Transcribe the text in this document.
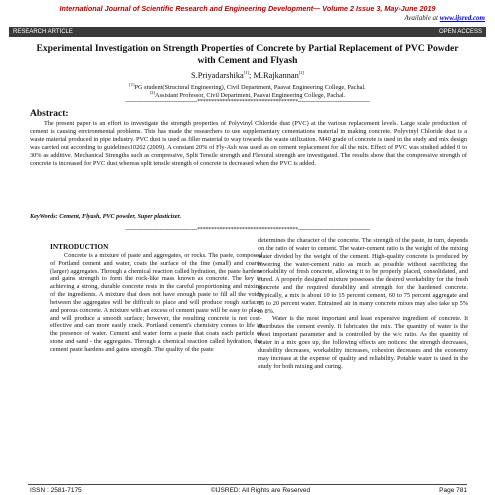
International Journal of Scientific Research and Engineering Development— Volume 2 Issue 3, May-June 2019
Available at www.ijsred.com
RESEARCH ARTICLE	OPEN ACCESS
Experimental Investigation on Strength Properties of Concrete by Partial Replacement of PVC Powder with Cement and Flyash
S.Priyadarshika[1]; M.Rajkannan[2]
[1]PG student(Structural Engineering), Civil Department, Paavai Engineering College, Pachal.
[2]Assistant Professor, Civil Department, Paavai Engineering College, Pachal.
----------------------------------------************************************----------------------------------------
Abstract:
The present paper is an effort to investigate the strength properties of Polyvinyl Chloride dust (PVC) at the various replacement levels. Large scale production of cement is causing environmental problems. This has made the researchers to use supplementary cementations material in making concrete. Polyvinyl Chloride dust is a waste material produced in pipe industry. PVC dust is used as filler material to way towards the waste utilization. M40 grade of concrete is used in the study and mix design was carried out according to guidelines10262 (2009). A constant 20% of Fly-Ash was used as on cement replacement for all the mix. Effect of PVC was studied added 0 to 30% as additive. Mechanical Strengths such as compressive, Split Tensile strength and Flexural strength are investigated. The results show that the compressive strength of concrete is increased for PVC dust whereas split tensile strength of concrete is decreased when the PVC is added.
KeyWords: Cement, Flyash, PVC powder, Super plasticizer.
----------------------------------------************************************----------------------------------------
INTRODUCTION

Concrete is a mixture of paste and aggregates, or rocks. The paste, composed of Portland cement and water, coats the surface of the fine (small) and coarse (larger) aggregates. Through a chemical reaction called hydration, the paste hardens and gains strength to form the rock-like mass known as concrete. The key to achieving a strong, durable concrete rests in the careful proportioning and mixing of the ingredients. A mixture that does not have enough paste to fill all the voids between the aggregates will be difficult to place and will produce rough surfaces and porous concrete. A mixture with an excess of cement paste will be easy to place and will produce a smooth surface; however, the resulting concrete is not cost-effective and can more easily crack. Portland cement's chemistry comes to life in the presence of water. Cement and water form a paste that coats each particle of stone and sand - the aggregates. Through a chemical reaction called hydration, the cement paste hardens and gains strength. The quality of the paste

determines the character of the concrete. The strength of the paste, in turn, depends on the ratio of water to cement. The water-cement ratio is the weight of the mixing water divided by the weight of the cement. High-quality concrete is produced by lowering the water-cement ratio as much as possible without sacrificing the workability of fresh concrete, allowing it to be properly placed, consolidated, and cured. A properly designed mixture possesses the desired workability for the fresh concrete and the required durability and strength for the hardened concrete. Typically, a mix is about 10 to 15 percent cement, 60 to 75 percent aggregate and 15 to 20 percent water. Entrained air in many concrete mixes may also take up 5% to 8%.

Water is the most important and least expensive ingredient of concrete. It distributes the cement evenly. It lubricates the mix. The quantity of water is the most important parameter and is controlled by the w/c ratio. As the quantity of water in a mix goes up, the following effects are notices: the strength decreases, durability decreases, workability increases, cohesion decreases and the economy may increase at the expense of quality and reliability. Potable water is used in the study for both mixing and curing.

ISSN : 2581-7175	©IJSRED: All Rights are Reserved	Page 781
